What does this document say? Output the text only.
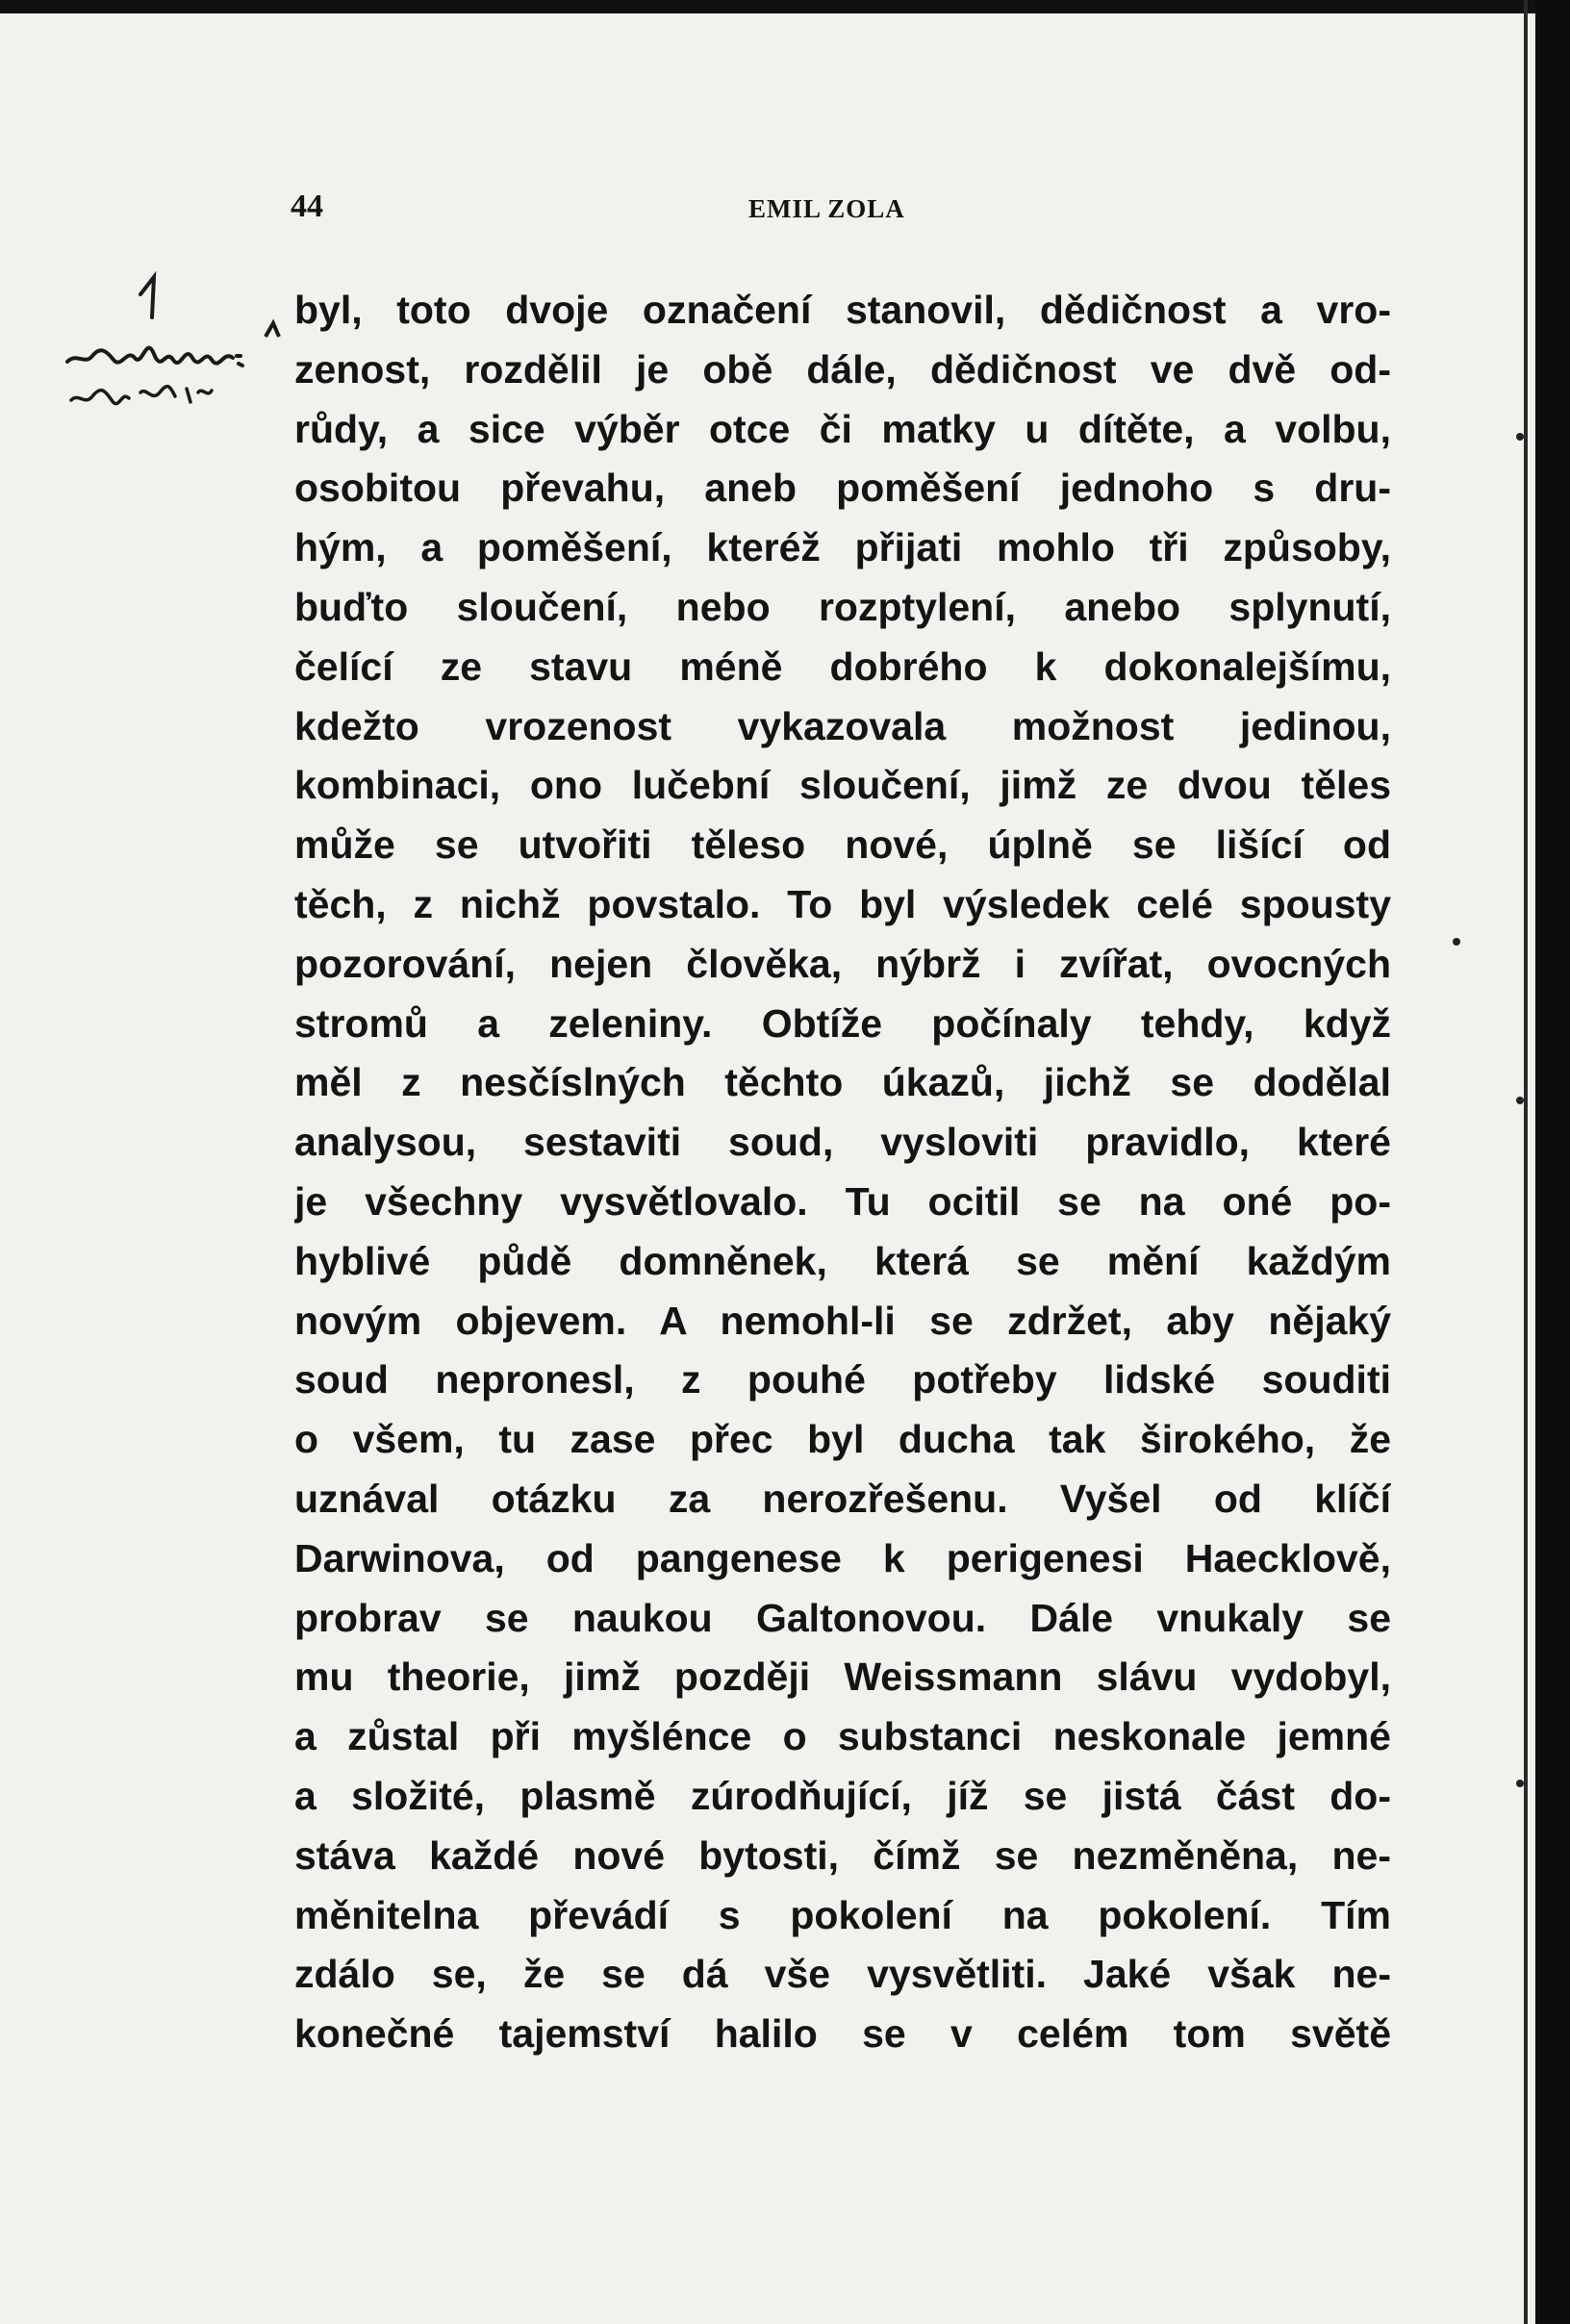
44	EMIL ZOLA
byl, toto dvoje označení stanovil, dědičnost a vro-
zenost, rozdělil je obě dále, dědičnost ve dvě od-
růdy, a sice výběr otce či matky u dítěte, a volbu,
osobitou převahu, aneb poměšení jednoho s dru-
hým, a poměšení, kteréž přijati mohlo tři způsoby,
buďto sloučení, nebo rozptylení, anebo splynutí,
čelící ze stavu méně dobrého k dokonalejšímu,
kdežto vrozenost vykazovala možnost jedinou,
kombinaci, ono lučební sloučení, jimž ze dvou těles
může se utvořiti těleso nové, úplně se lišící od
těch, z nichž povstalo. To byl výsledek celé spousty
pozorování, nejen člověka, nýbrž i zvířat, ovocných
stromů a zeleniny. Obtíže počínaly tehdy, když
měl z nesčíslných těchto úkazů, jichž se dodělal
analysou, sestaviti soud, vysloviti pravidlo, které
je všechny vysvětlovalo. Tu ocitil se na oné po-
hyblivé půdě domněnek, která se mění každým
novým objevem. A nemohl-li se zdržet, aby nějaký
soud nepronesl, z pouhé potřeby lidské souditi
o všem, tu zase přec byl ducha tak širokého, že
uznával otázku za nerozřešenu. Vyšel od klíčí
Darwinova, od pangenese k perigenesi Haecklově,
probrav se naukou Galtonovou. Dále vnukaly se
mu theorie, jimž později Weissmann slávu vydobyl,
a zůstal při myšlénce o substanci neskonale jemné
a složité, plasmě zúrodňující, jíž se jistá část do-
stáva každé nové bytosti, čímž se nezměněna, ne-
měnitelna převádí s pokolení na pokolení. Tím
zdálo se, že se dá vše vysvětliti. Jaké však ne-
konečné tajemství halilo se v celém tom světě
